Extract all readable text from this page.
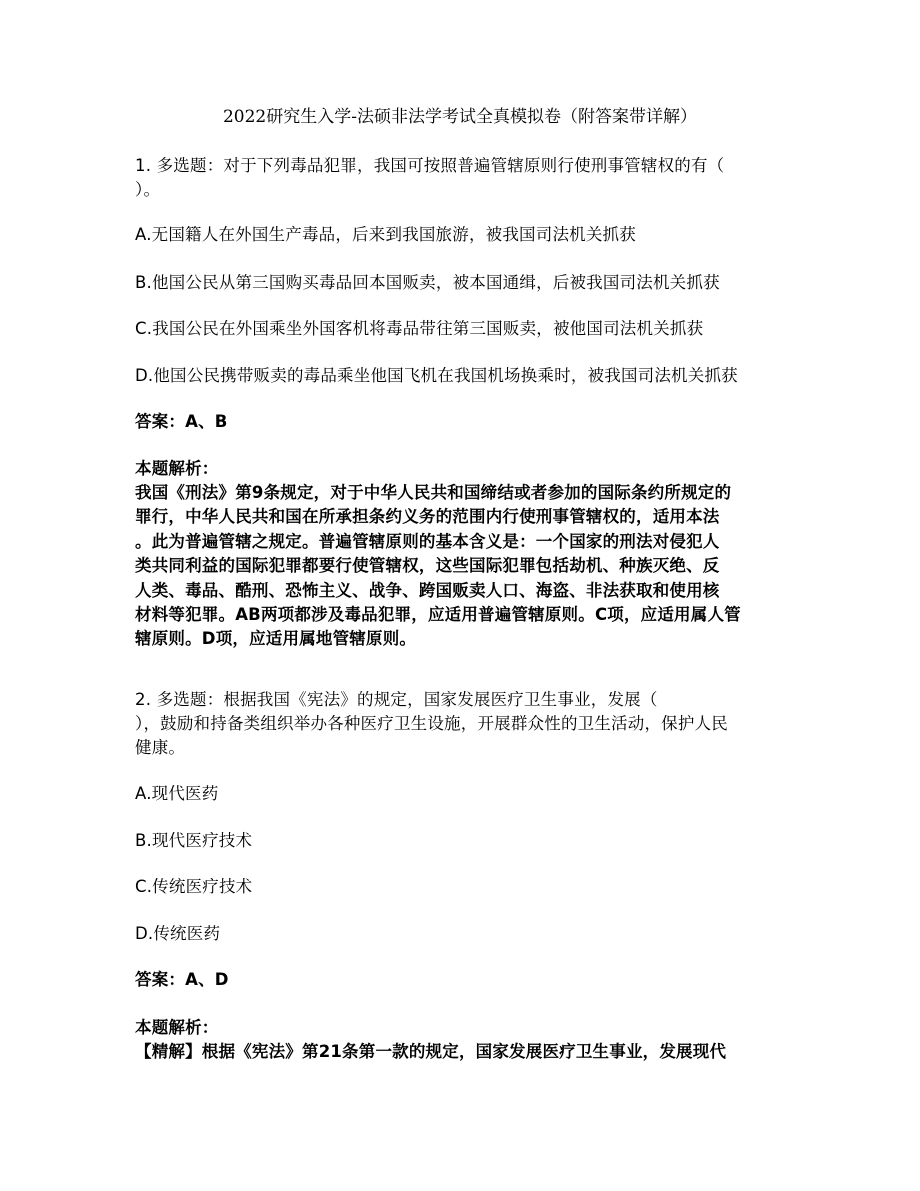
2022研究生入学-法硕非法学考试全真模拟卷（附答案带详解）
1. 多选题：对于下列毒品犯罪，我国可按照普遍管辖原则行使刑事管辖权的有（
）。
A.无国籍人在外国生产毒品，后来到我国旅游，被我国司法机关抓获
B.他国公民从第三国购买毒品回本国贩卖，被本国通缉，后被我国司法机关抓获
C.我国公民在外国乘坐外国客机将毒品带往第三国贩卖，被他国司法机关抓获
D.他国公民携带贩卖的毒品乘坐他国飞机在我国机场换乘时，被我国司法机关抓获
答案：A、B
本题解析：
我国《刑法》第9条规定，对于中华人民共和国缔结或者参加的国际条约所规定的
罪行，中华人民共和国在所承担条约义务的范围内行使刑事管辖权的，适用本法
。此为普遍管辖之规定。普遍管辖原则的基本含义是：一个国家的刑法对侵犯人
类共同利益的国际犯罪都要行使管辖权，这些国际犯罪包括劫机、种族灭绝、反
人类、毒品、酷刑、恐怖主义、战争、跨国贩卖人口、海盗、非法获取和使用核
材料等犯罪。AB两项都涉及毒品犯罪，应适用普遍管辖原则。C项，应适用属人管
辖原则。D项，应适用属地管辖原则。
2. 多选题：根据我国《宪法》的规定，国家发展医疗卫生事业，发展（
），鼓励和持备类组织举办各种医疗卫生设施，开展群众性的卫生活动，保护人民
健康。
A.现代医药
B.现代医疗技术
C.传统医疗技术
D.传统医药
答案：A、D
本题解析：
【精解】根据《宪法》第21条第一款的规定，国家发展医疗卫生事业，发展现代
